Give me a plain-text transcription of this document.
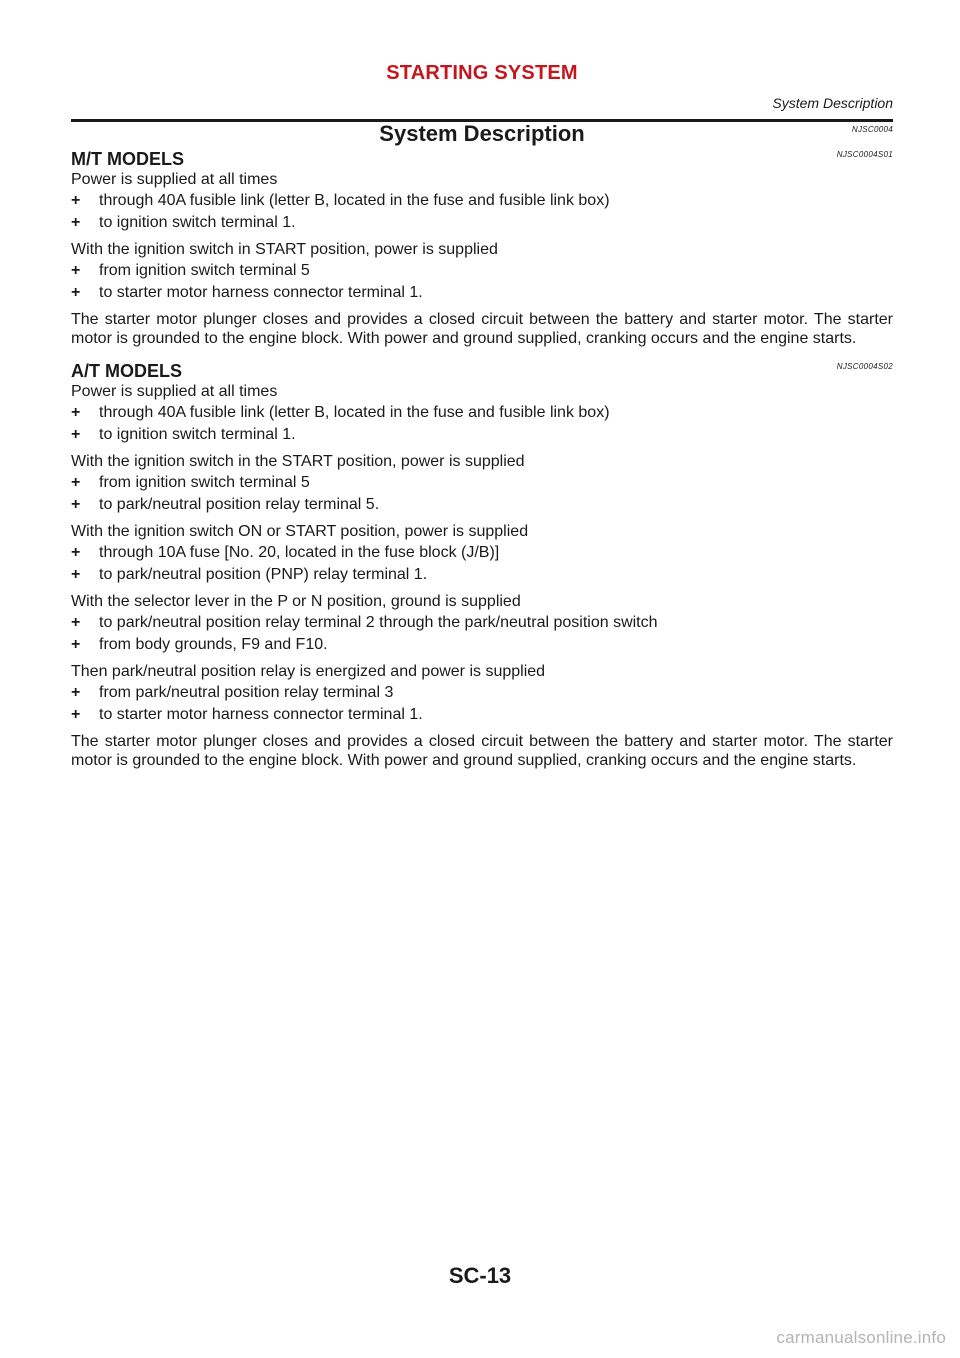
STARTING SYSTEM
System Description
System Description	NJSC0004
M/T MODELS	NJSC0004S01

Power is supplied at all times

+	through 40A fusible link (letter B, located in the fuse and fusible link box)
+	to ignition switch terminal 1.

With the ignition switch in START position, power is supplied

+	from ignition switch terminal 5
+	to starter motor harness connector terminal 1.

The starter motor plunger closes and provides a closed circuit between the battery and starter motor. The starter motor is grounded to the engine block. With power and ground supplied, cranking occurs and the engine starts.

A/T MODELS	NJSC0004S02

Power is supplied at all times

+	through 40A fusible link (letter B, located in the fuse and fusible link box)
+	to ignition switch terminal 1.

With the ignition switch in the START position, power is supplied

+	from ignition switch terminal 5
+	to park/neutral position relay terminal 5.

With the ignition switch ON or START position, power is supplied

+	through 10A fuse [No. 20, located in the fuse block (J/B)]
+	to park/neutral position (PNP) relay terminal 1.

With the selector lever in the P or N position, ground is supplied

+	to park/neutral position relay terminal 2 through the park/neutral position switch
+	from body grounds, F9 and F10.

Then park/neutral position relay is energized and power is supplied

+	from park/neutral position relay terminal 3
+	to starter motor harness connector terminal 1.

The starter motor plunger closes and provides a closed circuit between the battery and starter motor. The starter motor is grounded to the engine block. With power and ground supplied, cranking occurs and the engine starts.

SC-13
carmanualsonline.info
